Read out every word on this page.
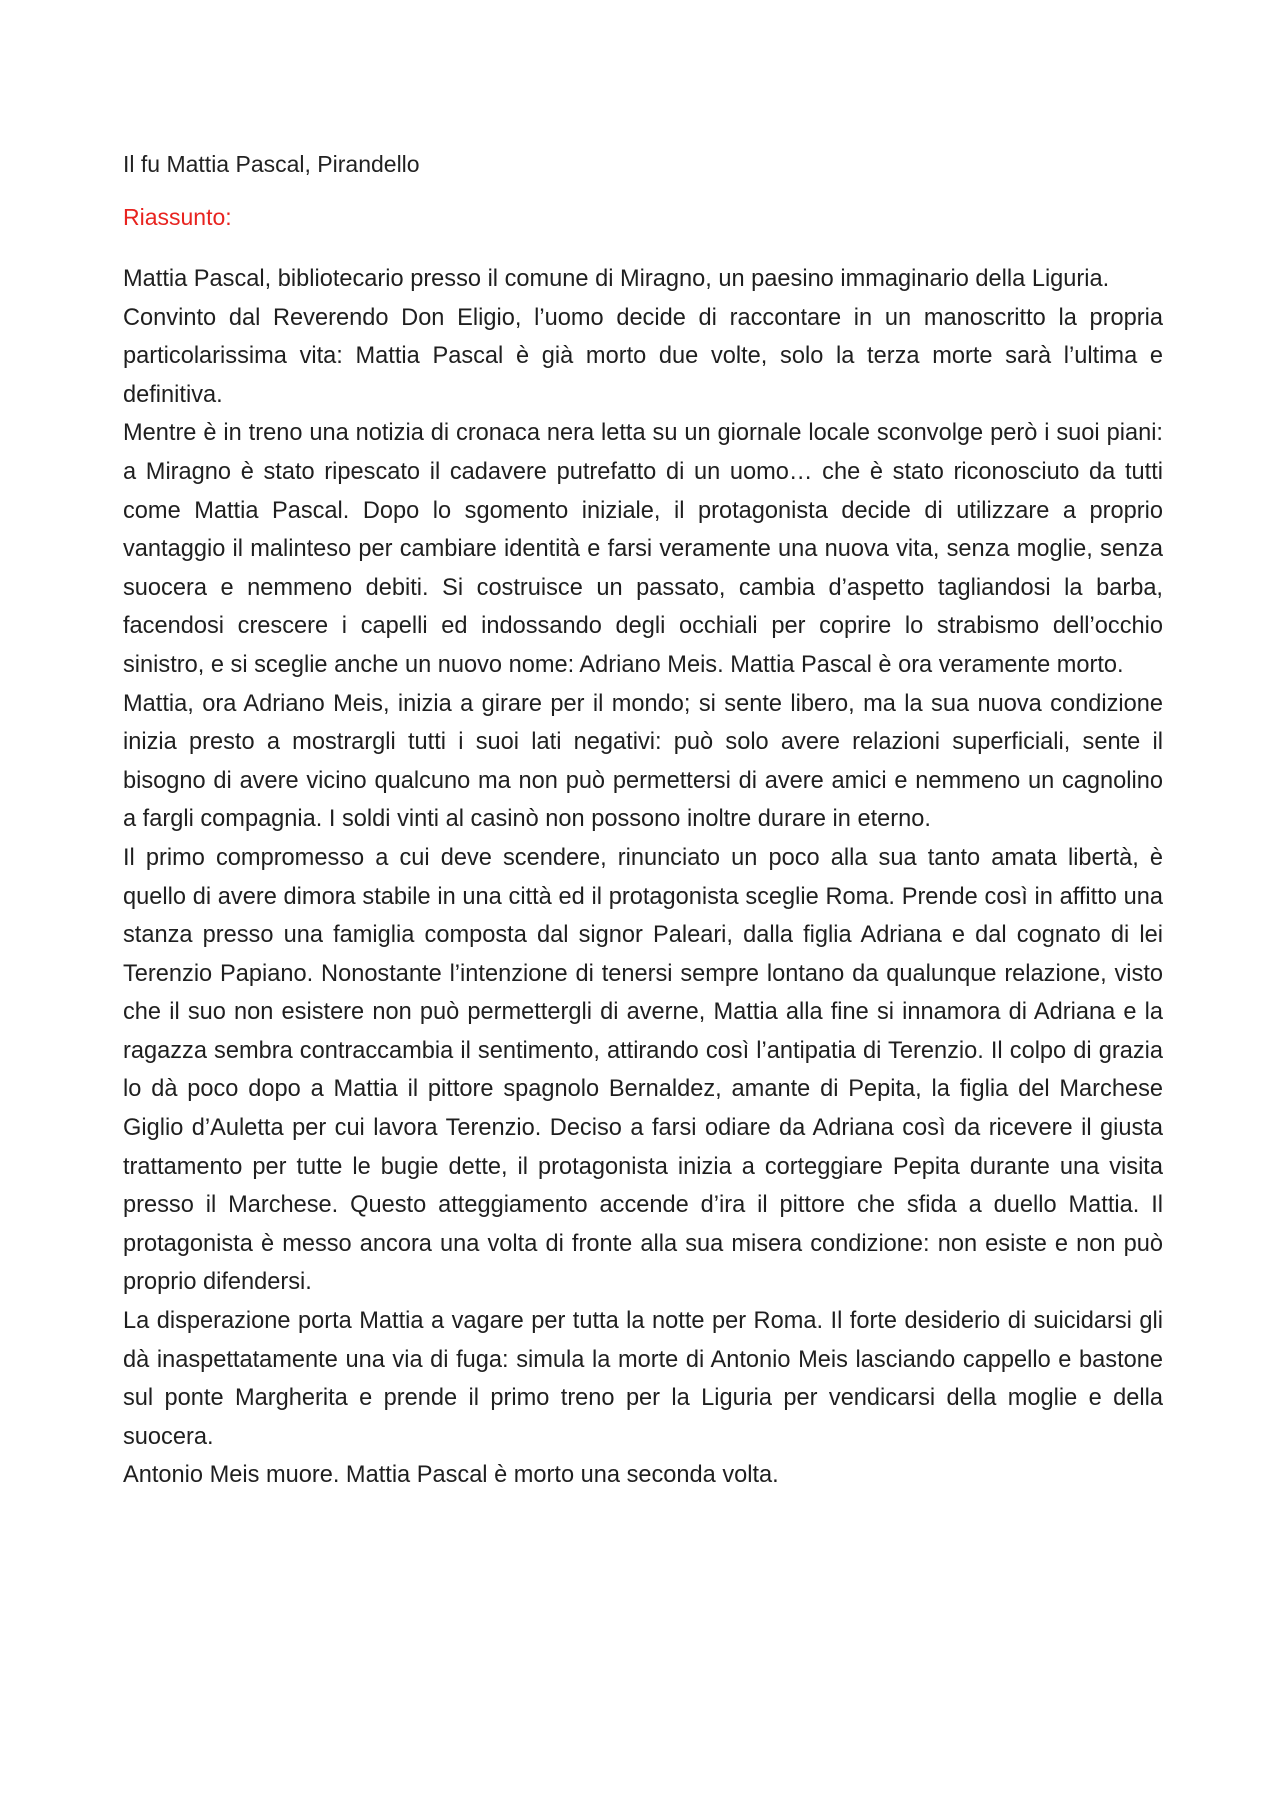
Il fu Mattia Pascal, Pirandello
Riassunto:

Mattia Pascal, bibliotecario presso il comune di Miragno, un paesino immaginario della Liguria.

Convinto dal Reverendo Don Eligio, l’uomo decide di raccontare in un manoscritto la propria particolarissima vita: Mattia Pascal è già morto due volte, solo la terza morte sarà l’ultima e definitiva.

Mentre è in treno una notizia di cronaca nera letta su un giornale locale sconvolge però i suoi piani: a Miragno è stato ripescato il cadavere putrefatto di un uomo… che è stato riconosciuto da tutti come Mattia Pascal. Dopo lo sgomento iniziale, il protagonista decide di utilizzare a proprio vantaggio il malinteso per cambiare identità e farsi veramente una nuova vita, senza moglie, senza suocera e nemmeno debiti. Si costruisce un passato, cambia d’aspetto tagliandosi la barba, facendosi crescere i capelli ed indossando degli occhiali per coprire lo strabismo dell’occhio sinistro, e si sceglie anche un nuovo nome: Adriano Meis. Mattia Pascal è ora veramente morto.

Mattia, ora Adriano Meis, inizia a girare per il mondo; si sente libero, ma la sua nuova condizione inizia presto a mostrargli tutti i suoi lati negativi: può solo avere relazioni superficiali, sente il bisogno di avere vicino qualcuno ma non può permettersi di avere amici e nemmeno un cagnolino a fargli compagnia. I soldi vinti al casinò non possono inoltre durare in eterno.

Il primo compromesso a cui deve scendere, rinunciato un poco alla sua tanto amata libertà, è quello di avere dimora stabile in una città ed il protagonista sceglie Roma. Prende così in affitto una stanza presso una famiglia composta dal signor Paleari, dalla figlia Adriana e dal cognato di lei Terenzio Papiano. Nonostante l’intenzione di tenersi sempre lontano da qualunque relazione, visto che il suo non esistere non può permettergli di averne, Mattia alla fine si innamora di Adriana e la ragazza sembra contraccambia il sentimento, attirando così l’antipatia di Terenzio. Il colpo di grazia lo dà poco dopo a Mattia il pittore spagnolo Bernaldez, amante di Pepita, la figlia del Marchese Giglio d’Auletta per cui lavora Terenzio. Deciso a farsi odiare da Adriana così da ricevere il giusta trattamento per tutte le bugie dette, il protagonista inizia a corteggiare Pepita durante una visita presso il Marchese. Questo atteggiamento accende d’ira il pittore che sfida a duello Mattia. Il protagonista è messo ancora una volta di fronte alla sua misera condizione: non esiste e non può proprio difendersi.

La disperazione porta Mattia a vagare per tutta la notte per Roma. Il forte desiderio di suicidarsi gli dà inaspettatamente una via di fuga: simula la morte di Antonio Meis lasciando cappello e bastone sul ponte Margherita e prende il primo treno per la Liguria per vendicarsi della moglie e della suocera.

Antonio Meis muore. Mattia Pascal è morto una seconda volta.
